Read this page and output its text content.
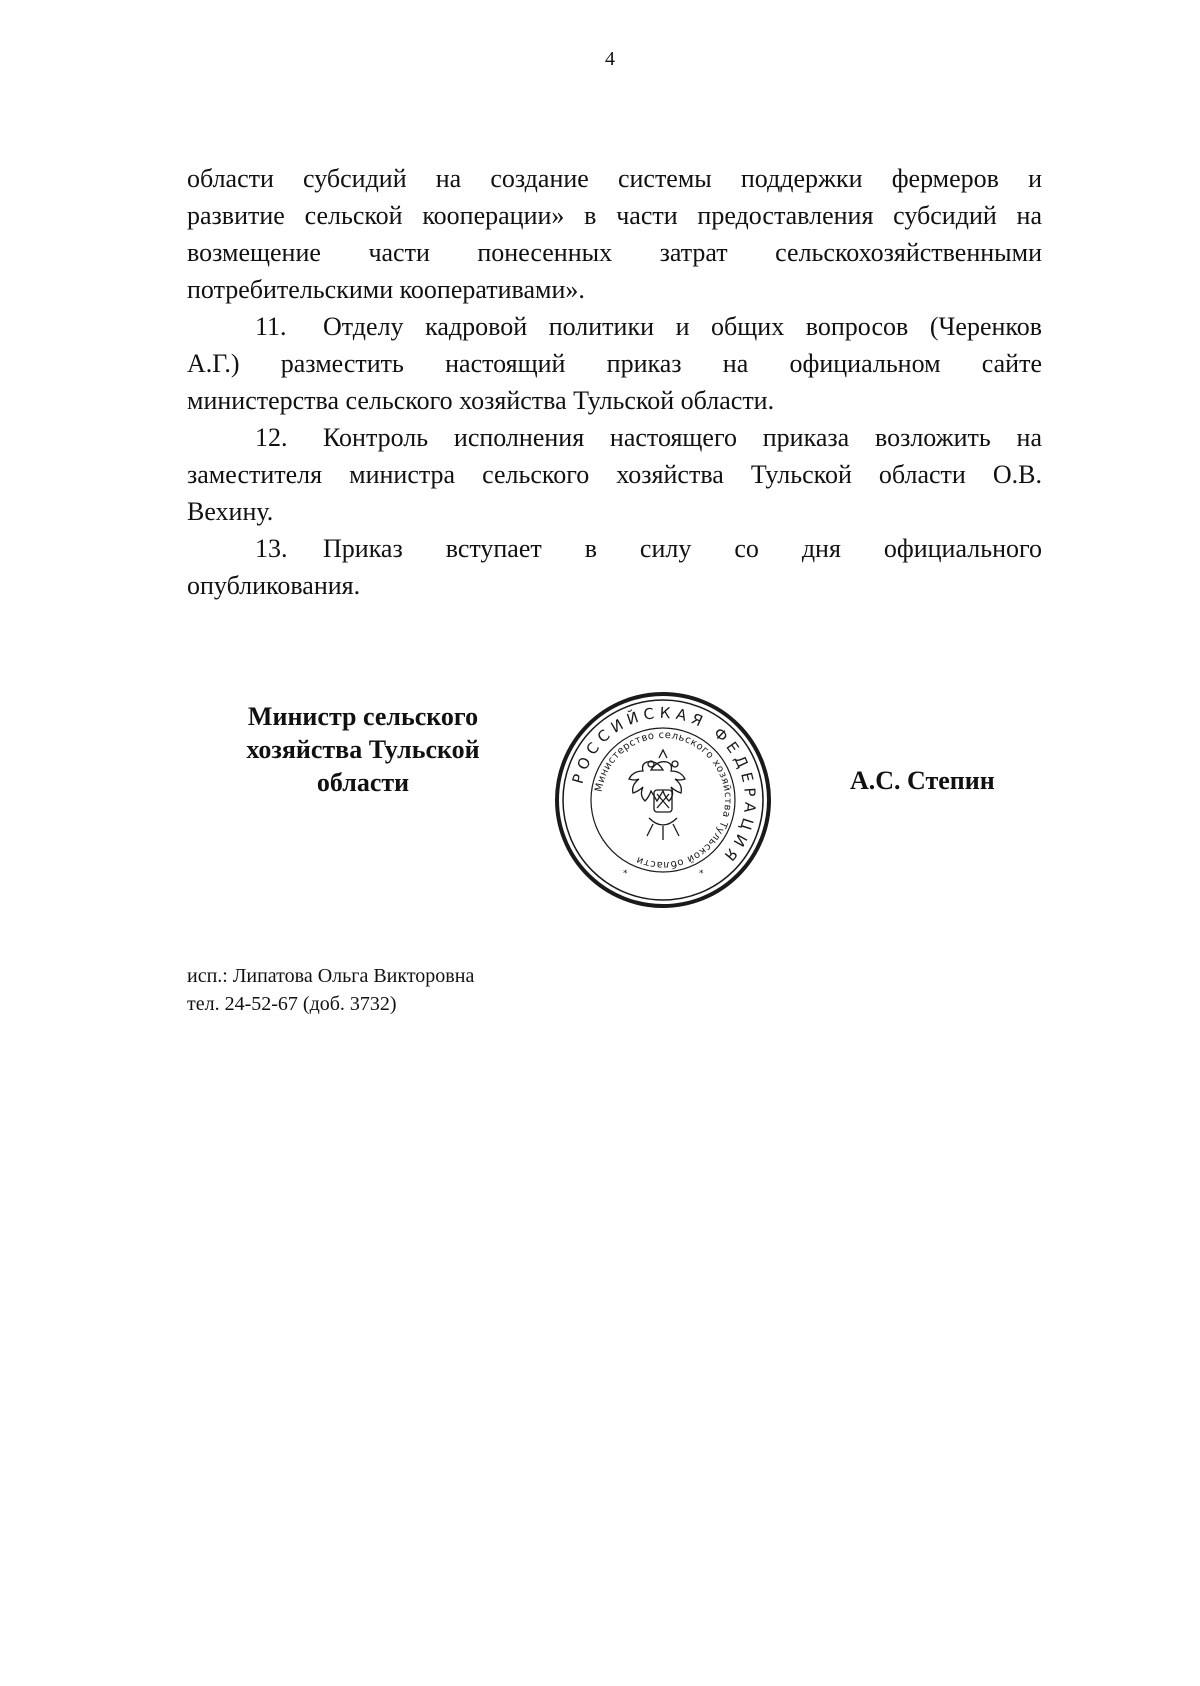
4

области субсидий на создание системы поддержки фермеров и

развитие сельской кооперации» в части предоставления субсидий на

возмещение части понесенных затрат сельскохозяйственными

потребительскими кооперативами».

11. Отделу кадровой политики и общих вопросов (Черенков

А.Г.) разместить настоящий приказ на официальном сайте

министерства сельского хозяйства Тульской области.

12. Контроль исполнения настоящего приказа возложить на

заместителя министра сельского хозяйства Тульской области О.В.

Вехину.

13. Приказ вступает в силу со дня официального

опубликования.

Министр сельского
хозяйства Тульской
области	РОССИЙСКАЯ ФЕДЕРАЦИЯ
Министерство сельского хозяйства Тульской области
*	*
А.С. Степин
исп.: Липатова Ольга Викторовна
тел. 24-52-67 (доб. 3732)
